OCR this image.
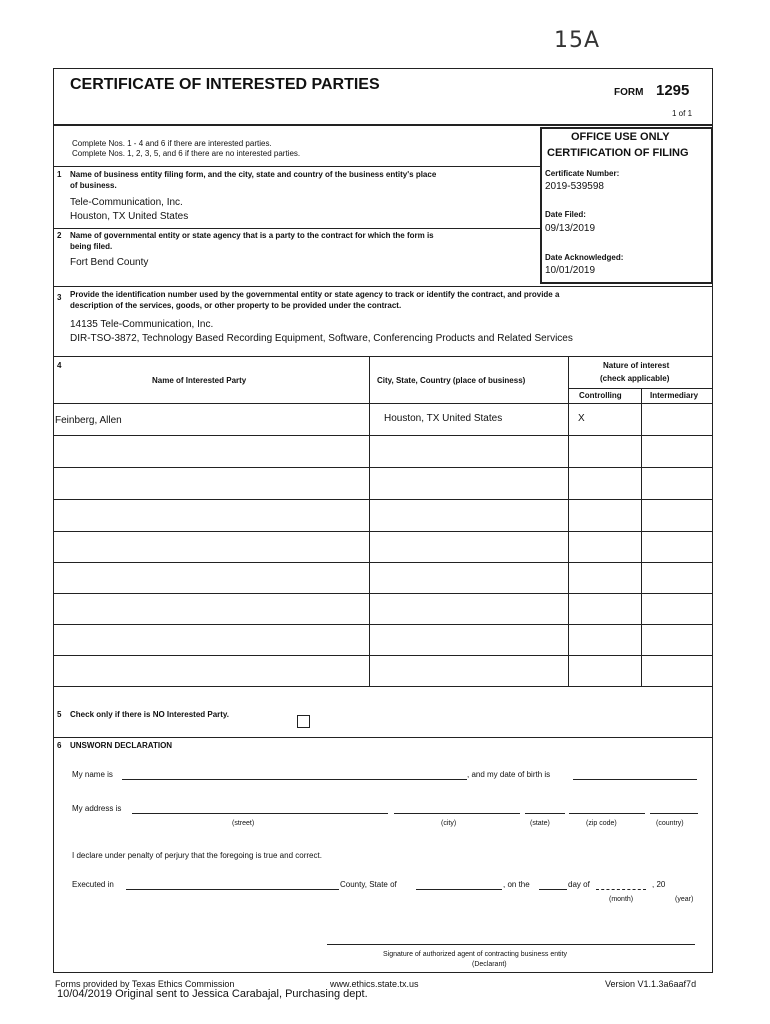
15A
CERTIFICATE OF INTERESTED PARTIES	FORM 1295
1 of 1
Complete Nos. 1 - 4 and 6 if there are interested parties.
Complete Nos. 1, 2, 3, 5, and 6 if there are no interested parties.
OFFICE USE ONLY
CERTIFICATION OF FILING
Certificate Number:
2019-539598
Date Filed:
09/13/2019
Date Acknowledged:
10/01/2019
1 Name of business entity filing form, and the city, state and country of the business entity's place
of business.
Tele-Communication, Inc.
Houston, TX United States
2 Name of governmental entity or state agency that is a party to the contract for which the form is
being filed.
Fort Bend County
3 Provide the identification number used by the governmental entity or state agency to track or identify the contract, and provide a
description of the services, goods, or other property to be provided under the contract.
14135 Tele-Communication, Inc.
DIR-TSO-3872, Technology Based Recording Equipment, Software, Conferencing Products and Related Services
4
Name of Interested Party	City, State, Country (place of business)
Nature of interest
(check applicable)
Controlling	Intermediary
Feinberg, Allen	Houston, TX United States	X
5 Check only if there is NO Interested Party.
6 UNSWORN DECLARATION
My name is	, and my date of birth is
My address is
(street)	(city)	(state)	(zip code)	(country)
I declare under penalty of perjury that the foregoing is true and correct.
Executed in	County, State of	, on the	day of	, 20
(month)	(year)
Signature of authorized agent of contracting business entity
(Declarant)
Forms provided by Texas Ethics Commission	www.ethics.state.tx.us	Version V1.1.3a6aaf7d
10/04/2019 Original sent to Jessica Carabajal, Purchasing dept.
